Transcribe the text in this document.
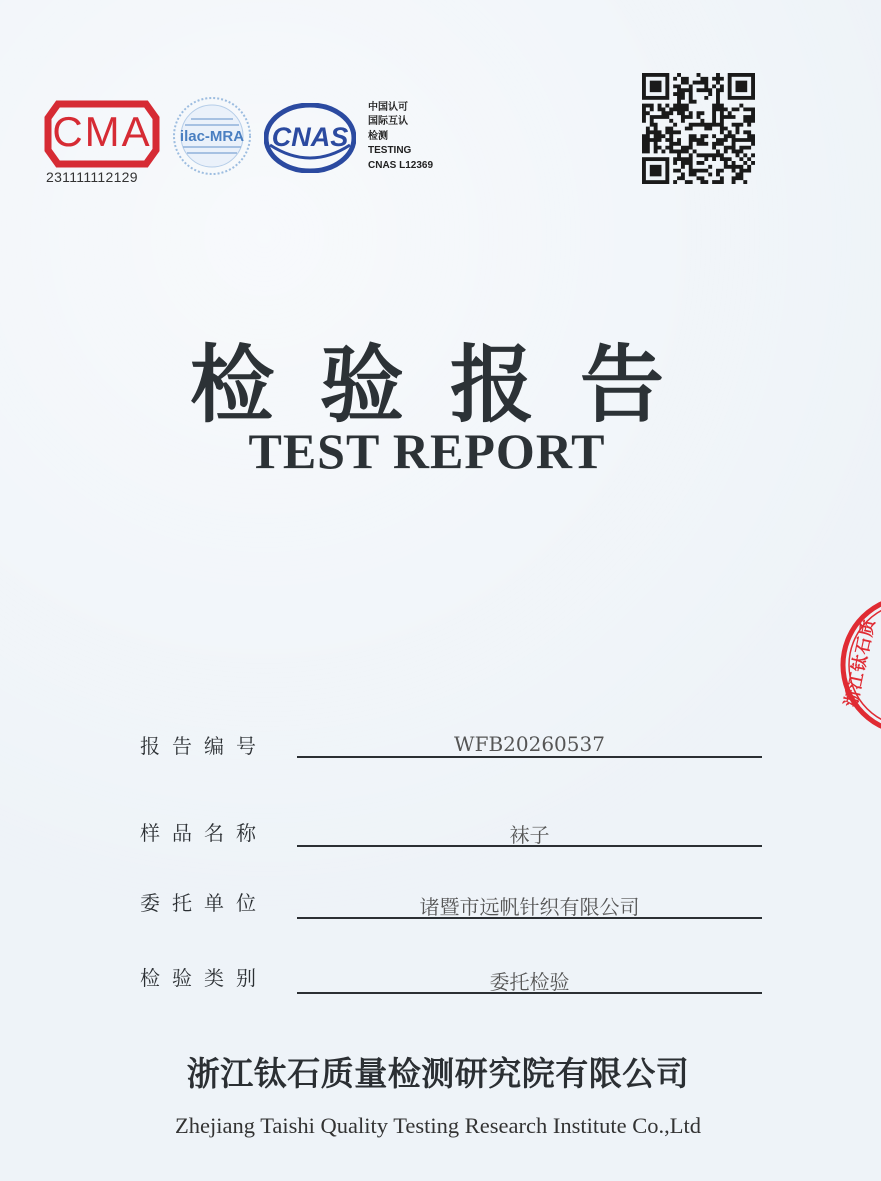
CMA
231111112129
ilac-MRA CNAS
中国认可
国际互认
检测
TESTING
CNAS L12369
检验报告
TEST REPORT
浙江钛石质
报告编号	WFB20260537
样品名称	袜子
委托单位	诸暨市远帆针织有限公司
检验类别	委托检验
浙江钛石质量检测研究院有限公司
Zhejiang Taishi Quality Testing Research Institute Co.,Ltd
